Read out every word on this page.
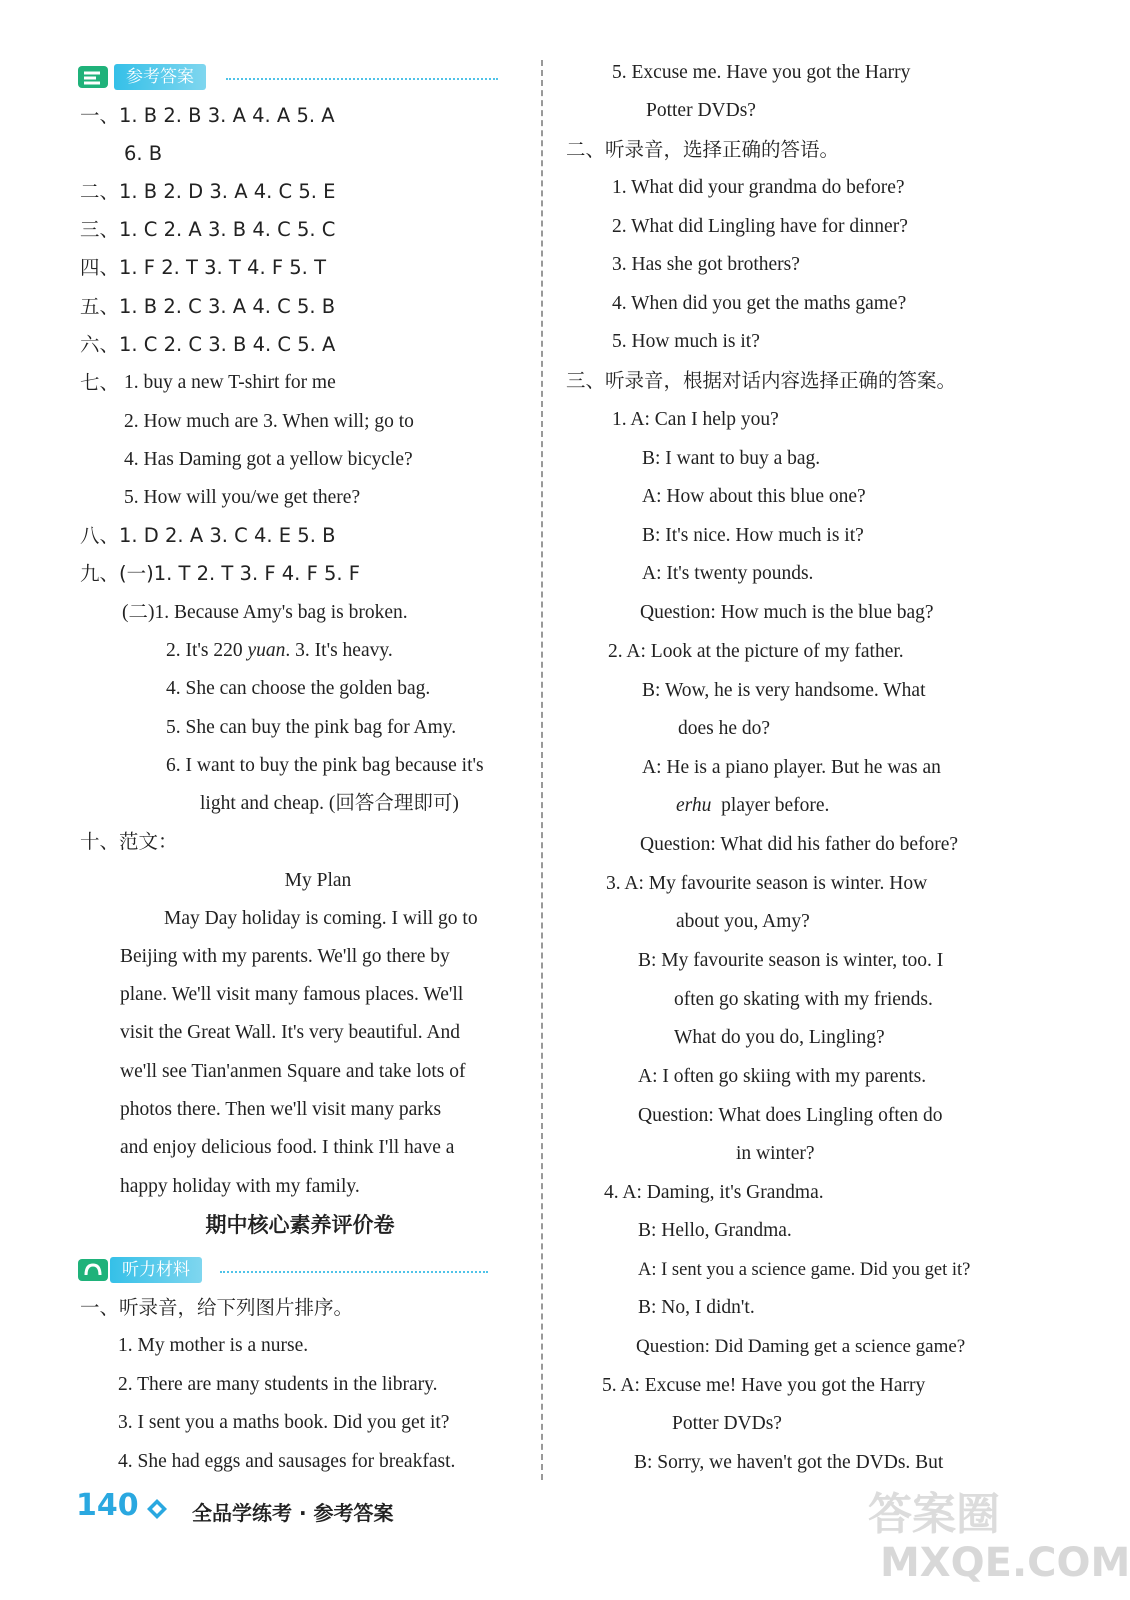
参考答案
一、1. B 2. B 3. A 4. A 5. A
6. B
二、1. B 2. D 3. A 4. C 5. E
三、1. C 2. A 3. B 4. C 5. C
四、1. F 2. T 3. T 4. F 5. T
五、1. B 2. C 3. A 4. C 5. B
六、1. C 2. C 3. B 4. C 5. A
七、 1. buy a new T-shirt for me
2. How much are 3. When will; go to
4. Has Daming got a yellow bicycle?
5. How will you/we get there?
八、1. D 2. A 3. C 4. E 5. B
九、(一)1. T 2. T 3. F 4. F 5. F
(二)1. Because Amy's bag is broken.
2. It's 220 yuan. 3. It's heavy.
4. She can choose the golden bag.
5. She can buy the pink bag for Amy.
6. I want to buy the pink bag because it's
light and cheap. (回答合理即可)
十、范文：
My Plan
May Day holiday is coming. I will go to
Beijing with my parents. We'll go there by
plane. We'll visit many famous places. We'll
visit the Great Wall. It's very beautiful. And
we'll see Tian'anmen Square and take lots of
photos there. Then we'll visit many parks
and enjoy delicious food. I think I'll have a
happy holiday with my family.
期中核心素养评价卷
听力材料
一、听录音，给下列图片排序。
1. My mother is a nurse.
2. There are many students in the library.
3. I sent you a maths book. Did you get it?
4. She had eggs and sausages for breakfast.
5. Excuse me. Have you got the Harry
Potter DVDs?
二、听录音，选择正确的答语。
1. What did your grandma do before?
2. What did Lingling have for dinner?
3. Has she got brothers?
4. When did you get the maths game?
5. How much is it?
三、听录音，根据对话内容选择正确的答案。
1. A: Can I help you?
B: I want to buy a bag.
A: How about this blue one?
B: It's nice. How much is it?
A: It's twenty pounds.
Question: How much is the blue bag?
2. A: Look at the picture of my father.
B: Wow, he is very handsome. What
does he do?
A: He is a piano player. But he was an
erhu player before.
Question: What did his father do before?
3. A: My favourite season is winter. How
about you, Amy?
B: My favourite season is winter, too. I
often go skating with my friends.
What do you do, Lingling?
A: I often go skiing with my parents.
Question: What does Lingling often do
in winter?
4. A: Daming, it's Grandma.
B: Hello, Grandma.
A: I sent you a science game. Did you get it?
B: No, I didn't.
Question: Did Daming get a science game?
5. A: Excuse me! Have you got the Harry
Potter DVDs?
B: Sorry, we haven't got the DVDs. But
140	全品学练考 · 参考答案	答案圈
MXQE.COM
